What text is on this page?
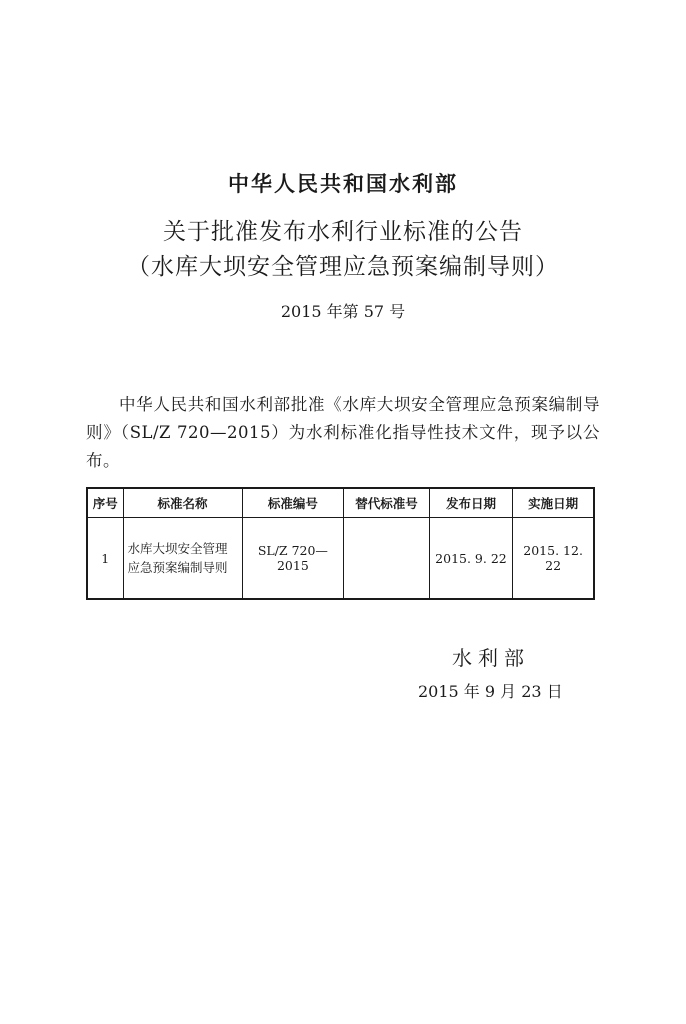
中华人民共和国水利部
关于批准发布水利行业标准的公告
（水库大坝安全管理应急预案编制导则）
2015 年第 57 号

中华人民共和国水利部批准《水库大坝安全管理应急预案编制导则》（SL/Z 720—2015）为水利标准化指导性技术文件，现予以公布。

序号	标准名称	标准编号	替代标准号	发布日期	实施日期
1	水库大坝安全管理应急预案编制导则	SL/Z 720—2015		2015. 9. 22	2015. 12. 22
水利部
2015 年 9 月 23 日
